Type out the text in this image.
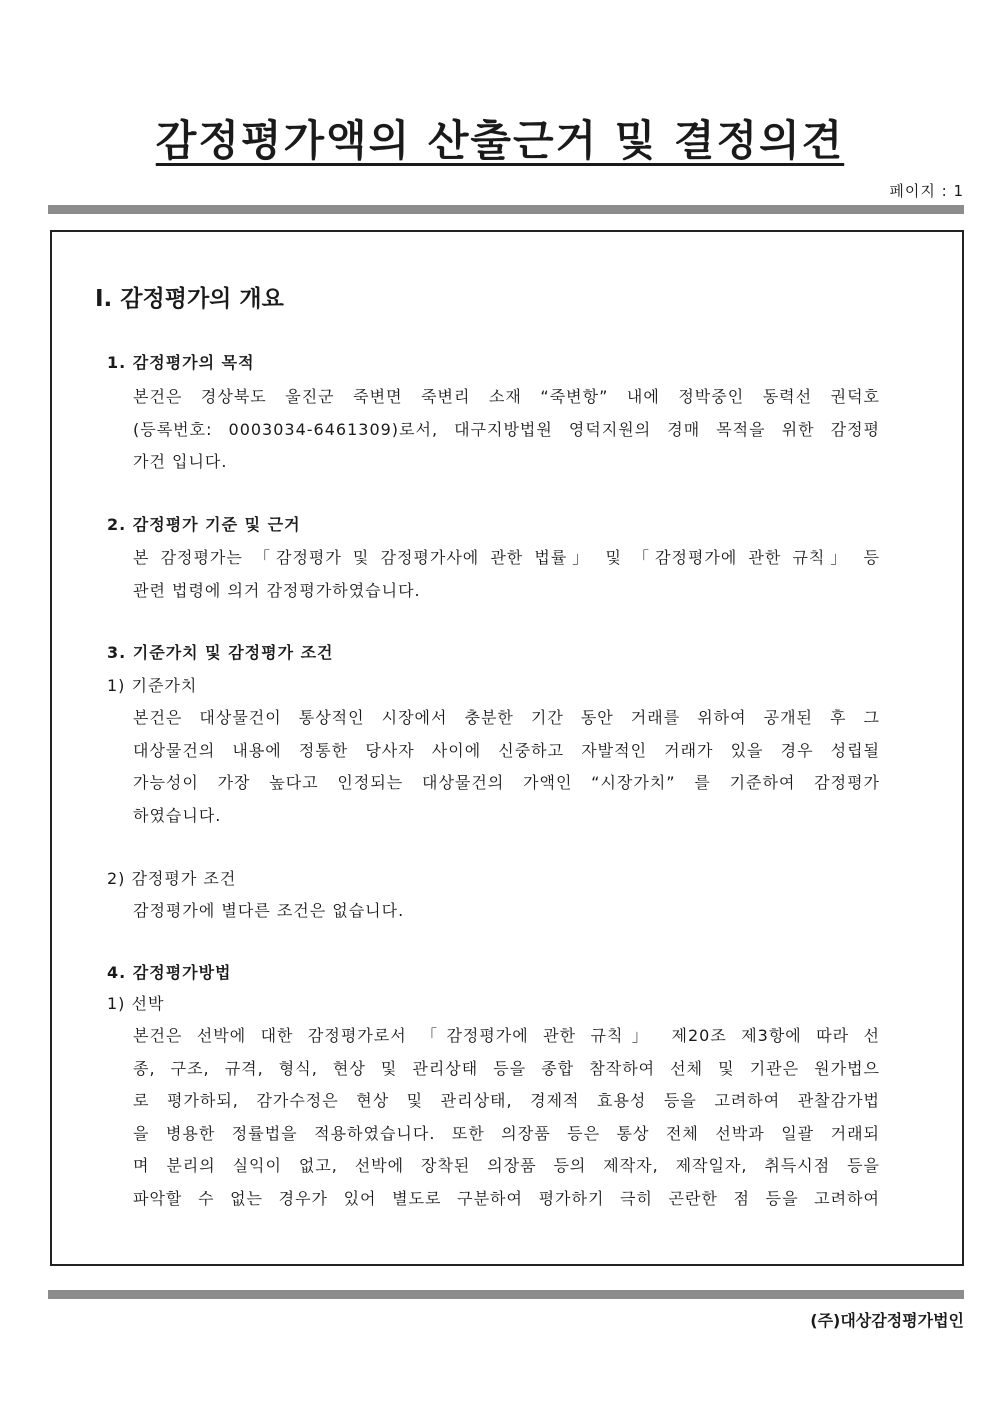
감정평가액의 산출근거 및 결정의견
페이지 : 1
Ⅰ. 감정평가의 개요
1. 감정평가의 목적
본건은 경상북도 울진군 죽변면 죽변리 소재 “죽변항” 내에 정박중인 동력선 권덕호
(등록번호: 0003034-6461309)로서, 대구지방법원 영덕지원의 경매 목적을 위한 감정평
가건 입니다.
2. 감정평가 기준 및 근거
본 감정평가는 「감정평가 및 감정평가사에 관한 법률」 및 「감정평가에 관한 규칙」 등
관련 법령에 의거 감정평가하였습니다.
3. 기준가치 및 감정평가 조건
1) 기준가치
본건은 대상물건이 통상적인 시장에서 충분한 기간 동안 거래를 위하여 공개된 후 그
대상물건의 내용에 정통한 당사자 사이에 신중하고 자발적인 거래가 있을 경우 성립될
가능성이 가장 높다고 인정되는 대상물건의 가액인 “시장가치” 를 기준하여 감정평가
하였습니다.
2) 감정평가 조건
감정평가에 별다른 조건은 없습니다.
4. 감정평가방법
1) 선박
본건은 선박에 대한 감정평가로서 「감정평가에 관한 규칙」 제20조 제3항에 따라 선
종, 구조, 규격, 형식, 현상 및 관리상태 등을 종합 참작하여 선체 및 기관은 원가법으
로 평가하되, 감가수정은 현상 및 관리상태, 경제적 효용성 등을 고려하여 관찰감가법
을 병용한 정률법을 적용하였습니다. 또한 의장품 등은 통상 전체 선박과 일괄 거래되
며 분리의 실익이 없고, 선박에 장착된 의장품 등의 제작자, 제작일자, 취득시점 등을
파악할 수 없는 경우가 있어 별도로 구분하여 평가하기 극히 곤란한 점 등을 고려하여
(주)대상감정평가법인
